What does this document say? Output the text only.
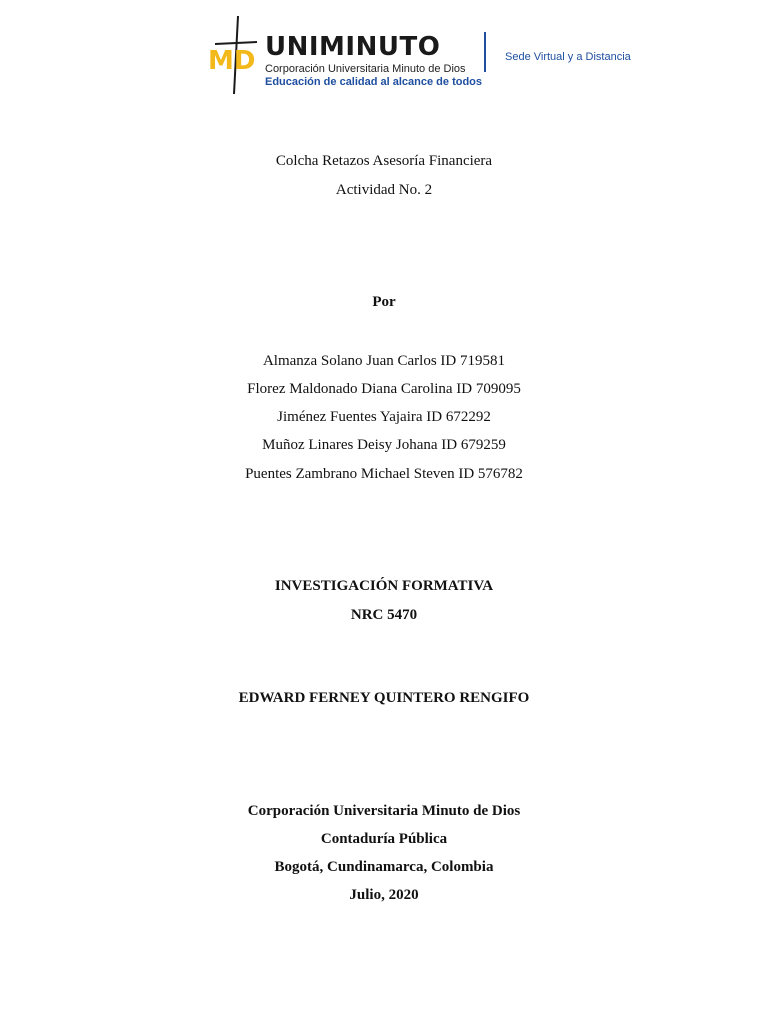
MD UNIMINUTO
Corporación Universitaria Minuto de Dios
Educación de calidad al alcance de todos
Sede Virtual y a Distancia
Colcha Retazos Asesoría Financiera
Actividad No. 2
Por
Almanza Solano Juan Carlos ID 719581
Florez Maldonado Diana Carolina ID 709095
Jiménez Fuentes Yajaira ID 672292
Muñoz Linares Deisy Johana ID 679259
Puentes Zambrano Michael Steven ID 576782
INVESTIGACIÓN FORMATIVA
NRC 5470
EDWARD FERNEY QUINTERO RENGIFO
Corporación Universitaria Minuto de Dios
Contaduría Pública
Bogotá, Cundinamarca, Colombia
Julio, 2020
